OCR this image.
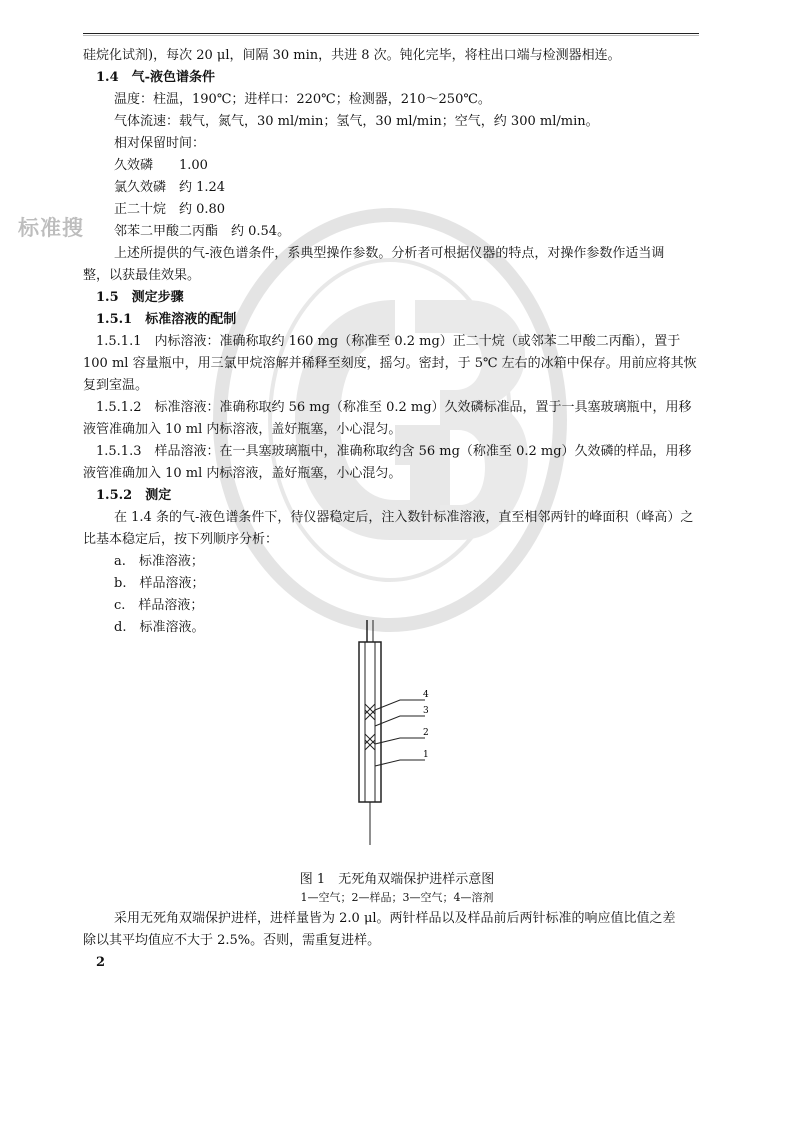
标准搜
硅烷化试剂)，每次 20 μl，间隔 30 min，共进 8 次。钝化完毕，将柱出口端与检测器相连。
1.4　气-液色谱条件
温度：柱温，190℃；进样口：220℃；检测器，210～250℃。
气体流速：载气，氮气，30 ml/min；氢气，30 ml/min；空气，约 300 ml/min。
相对保留时间：
久效磷　　1.00
氯久效磷　约 1.24
正二十烷　约 0.80
邻苯二甲酸二丙酯　约 0.54。
上述所提供的气-液色谱条件，系典型操作参数。分析者可根据仪器的特点，对操作参数作适当调
整，以获最佳效果。
1.5　测定步骤
1.5.1　标准溶液的配制
1.5.1.1　内标溶液：准确称取约 160 mg（称准至 0.2 mg）正二十烷（或邻苯二甲酸二丙酯），置于
100 ml 容量瓶中，用三氯甲烷溶解并稀释至刻度，摇匀。密封，于 5℃ 左右的冰箱中保存。用前应将其恢
复到室温。
1.5.1.2　标准溶液：准确称取约 56 mg（称准至 0.2 mg）久效磷标准品，置于一具塞玻璃瓶中，用移
液管准确加入 10 ml 内标溶液，盖好瓶塞，小心混匀。
1.5.1.3　样品溶液：在一具塞玻璃瓶中，准确称取约含 56 mg（称准至 0.2 mg）久效磷的样品，用移
液管准确加入 10 ml 内标溶液，盖好瓶塞，小心混匀。
1.5.2　测定
在 1.4 条的气-液色谱条件下，待仪器稳定后，注入数针标准溶液，直至相邻两针的峰面积（峰高）之
比基本稳定后，按下列顺序分析：
a.　标准溶液；
b.　样品溶液；
c.　样品溶液；
d.　标准溶液。
4
3
2
1
图 1　无死角双端保护进样示意图
1—空气；2—样品；3—空气；4—溶剂
采用无死角双端保护进样，进样量皆为 2.0 μl。两针样品以及样品前后两针标准的响应值比值之差
除以其平均值应不大于 2.5%。否则，需重复进样。
2
